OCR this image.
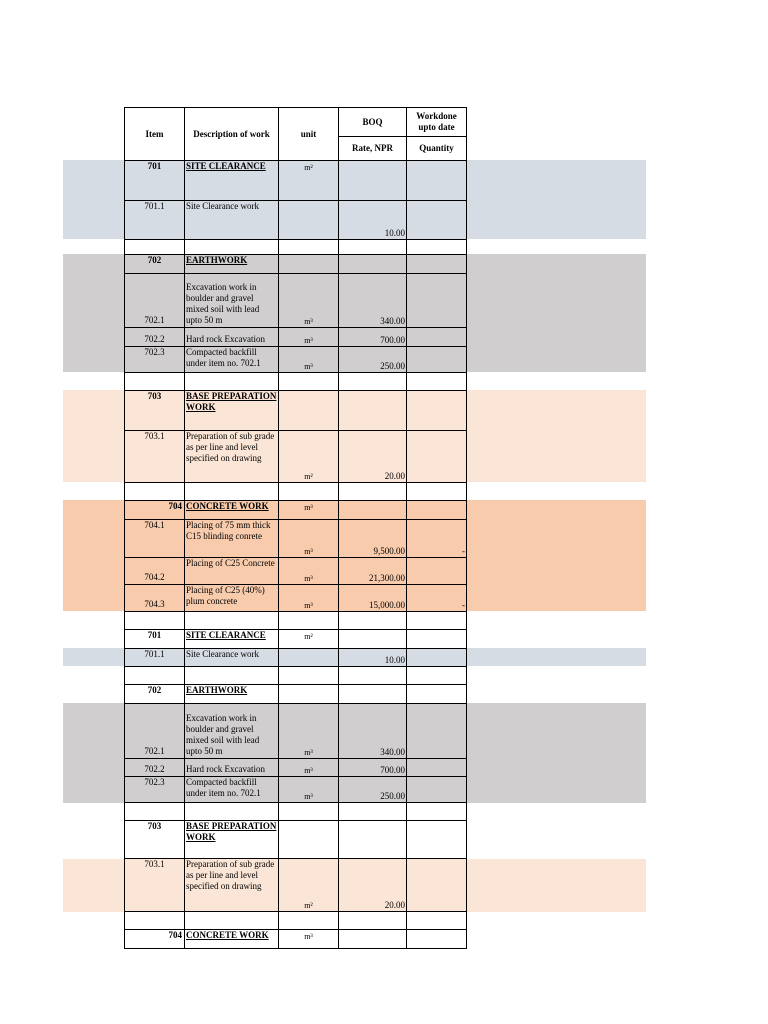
Item	Description of work	unit	BOQ	Workdone upto date
			Rate, NPR	Quantity
701	SITE CLEARANCE	m²		
701.1	Site Clearance work		10.00	

702	EARTHWORK			
702.1	Excavation work in boulder and gravel mixed soil with lead upto 50 m	m³	340.00	
702.2	Hard rock Excavation	m³	700.00	
702.3	Compacted backfill under item no. 702.1	m³	250.00	

703	BASE PREPARATION WORK			
703.1	Preparation of sub grade as per line and level specified on drawing	m²	20.00	

704	CONCRETE WORK	m³		
704.1	Placing of 75 mm thick C15 blinding conrete	m³	9,500.00	-
704.2	Placing of C25 Concrete	m³	21,300.00	
704.3	Placing of C25 (40%) plum concrete	m³	15,000.00	-

701	SITE CLEARANCE	m²		
701.1	Site Clearance work		10.00	

702	EARTHWORK			
702.1	Excavation work in boulder and gravel mixed soil with lead upto 50 m	m³	340.00	
702.2	Hard rock Excavation	m³	700.00	
702.3	Compacted backfill under item no. 702.1	m³	250.00	

703	BASE PREPARATION WORK			
703.1	Preparation of sub grade as per line and level specified on drawing	m²	20.00	

704	CONCRETE WORK	m³		
